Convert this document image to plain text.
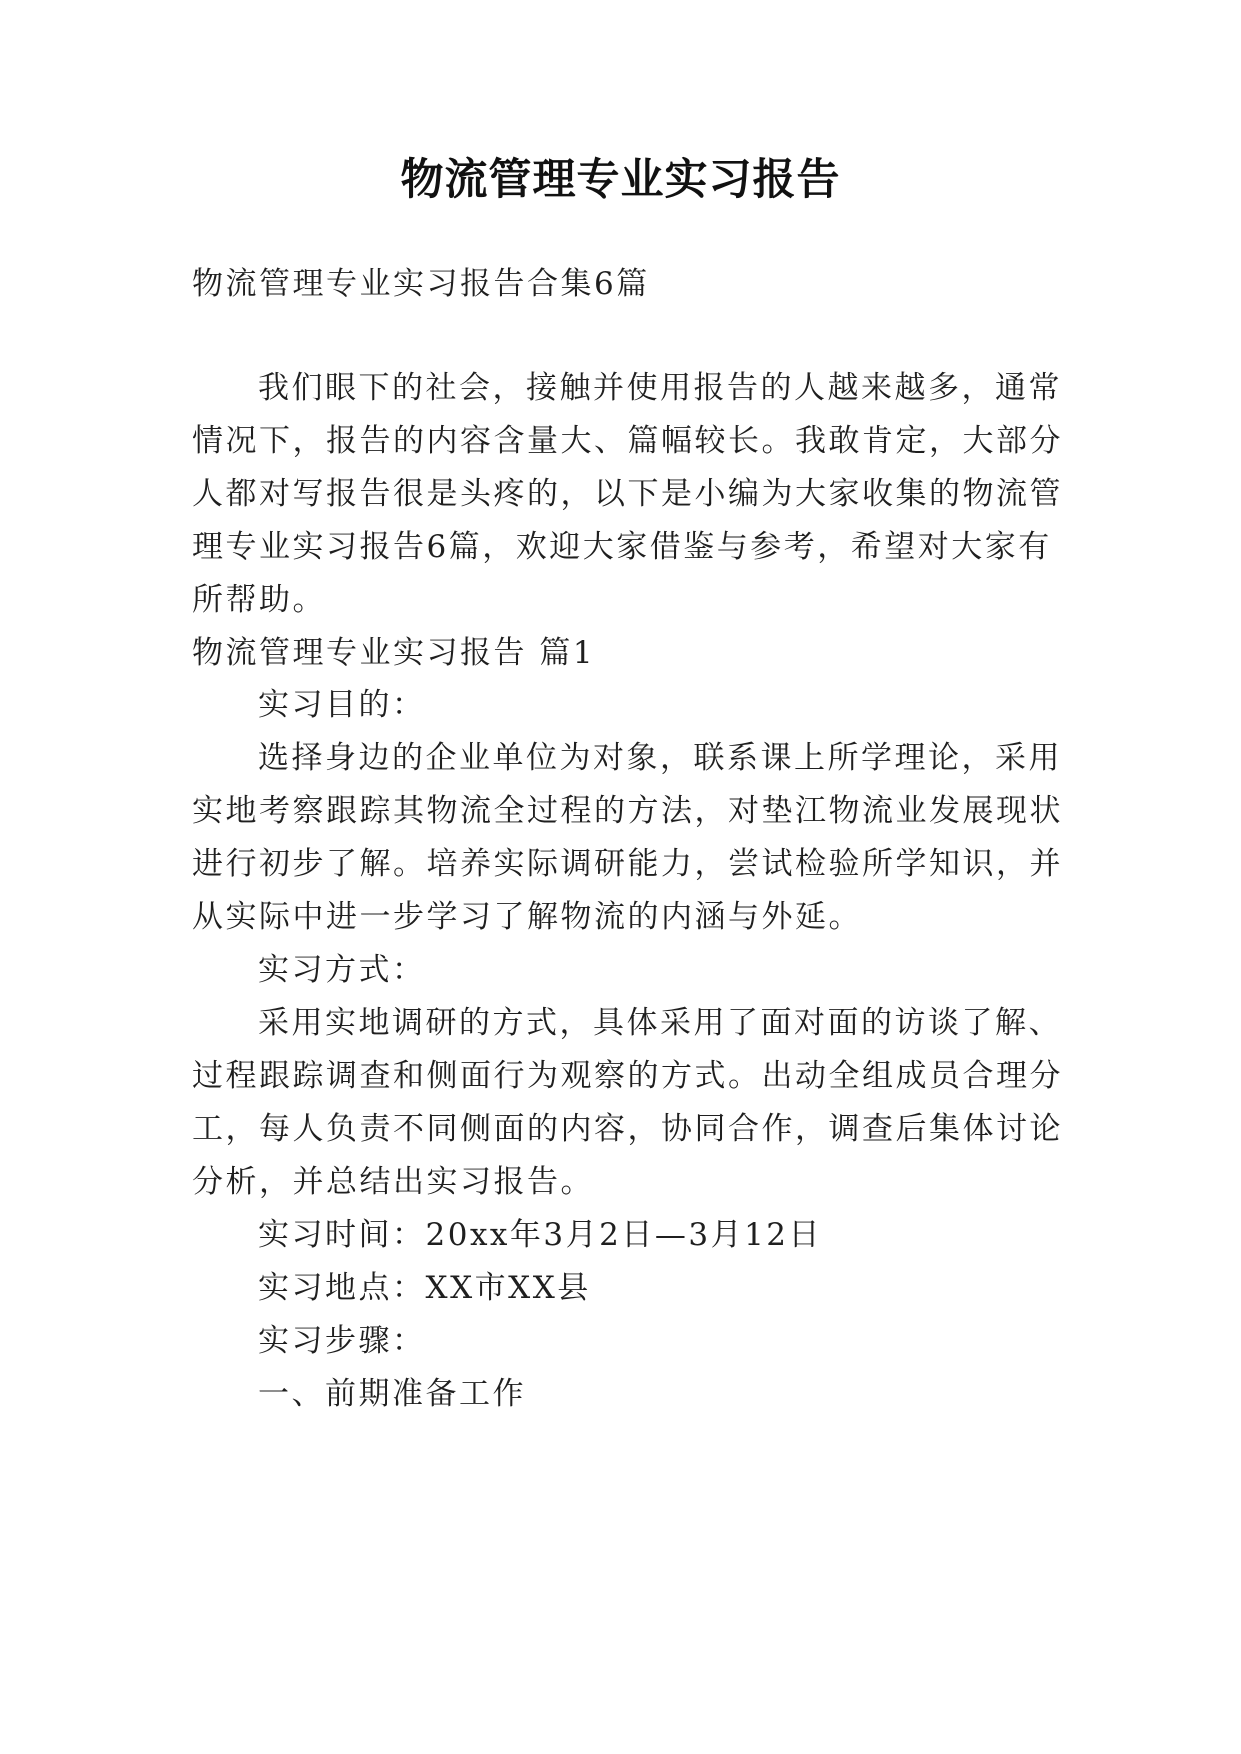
物流管理专业实习报告
物流管理专业实习报告合集6篇
我们眼下的社会，接触并使用报告的人越来越多，通常
情况下，报告的内容含量大、篇幅较长。我敢肯定，大部分
人都对写报告很是头疼的，以下是小编为大家收集的物流管
理专业实习报告6篇，欢迎大家借鉴与参考，希望对大家有
所帮助。
物流管理专业实习报告 篇1
实习目的：
选择身边的企业单位为对象，联系课上所学理论，采用
实地考察跟踪其物流全过程的方法，对垫江物流业发展现状
进行初步了解。培养实际调研能力，尝试检验所学知识，并
从实际中进一步学习了解物流的内涵与外延。
实习方式：
采用实地调研的方式，具体采用了面对面的访谈了解、
过程跟踪调查和侧面行为观察的方式。出动全组成员合理分
工，每人负责不同侧面的内容，协同合作，调查后集体讨论
分析，并总结出实习报告。
实习时间：20xx年3月2日—3月12日
实习地点：XX市XX县
实习步骤：
一、前期准备工作
